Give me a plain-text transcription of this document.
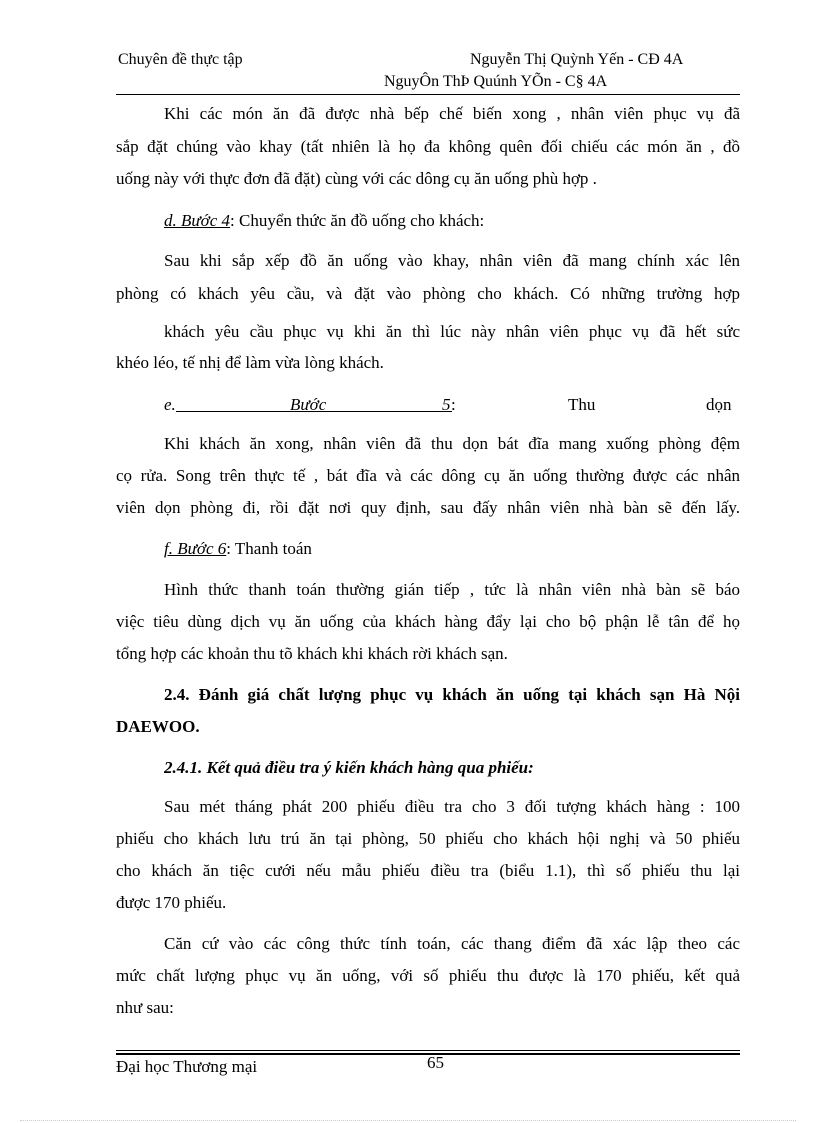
Chuyên đề thực tập	Nguyễn Thị Quỳnh Yến - CĐ 4A
NguyÔn ThÞ Quúnh YÕn - C§ 4A
Khi các món ăn đã được nhà bếp chế biến xong , nhân viên phục vụ đã
sắp đặt chúng vào khay (tất nhiên là họ đa không quên đối chiếu các món ăn , đồ
uống này với thực đơn đã đặt) cùng với các dông cụ ăn uống phù hợp .
d. Bước 4: Chuyển thức ăn đồ uống cho khách:
Sau khi sắp xếp đồ ăn uống vào khay, nhân viên đã mang chính xác lên
phòng có khách yêu cầu, và đặt vào phòng cho khách. Có những trường hợp
khách yêu cầu phục vụ khi ăn thì lúc này nhân viên phục vụ đã hết sức
khéo léo, tế nhị để làm vừa lòng khách.
e.	Bước	5 :	Thu	dọn
Khi khách ăn xong, nhân viên đã thu dọn bát đĩa mang xuống phòng đệm
cọ rửa. Song trên thực tế , bát đĩa và các dông cụ ăn uống thường được các nhân
viên dọn phòng đi, rồi đặt nơi quy định, sau đấy nhân viên nhà bàn sẽ đến lấy.
f. Bước 6: Thanh toán
Hình thức thanh toán thường gián tiếp , tức là nhân viên nhà bàn sẽ báo
việc tiêu dùng dịch vụ ăn uống của khách hàng đẩy lại cho bộ phận lễ tân để họ
tổng hợp các khoản thu tõ khách khi khách rời khách sạn.
2.4. Đánh giá chất lượng phục vụ khách ăn uống tại khách sạn Hà Nội
DAEWOO.
2.4.1. Kết quả điều tra ý kiến khách hàng qua phiếu:
Sau mét tháng phát 200 phiếu điều tra cho 3 đối tượng khách hàng : 100
phiếu cho khách lưu trú ăn tại phòng, 50 phiếu cho khách hội nghị và 50 phiếu
cho khách ăn tiệc cưới nếu mẫu phiếu điều tra (biểu 1.1), thì số phiếu thu lại
được 170 phiếu.
Căn cứ vào các công thức tính toán, các thang điểm đã xác lập theo các
mức chất lượng phục vụ ăn uống, với số phiếu thu được là 170 phiếu, kết quả
như sau:
Đại học Thương mại	65
